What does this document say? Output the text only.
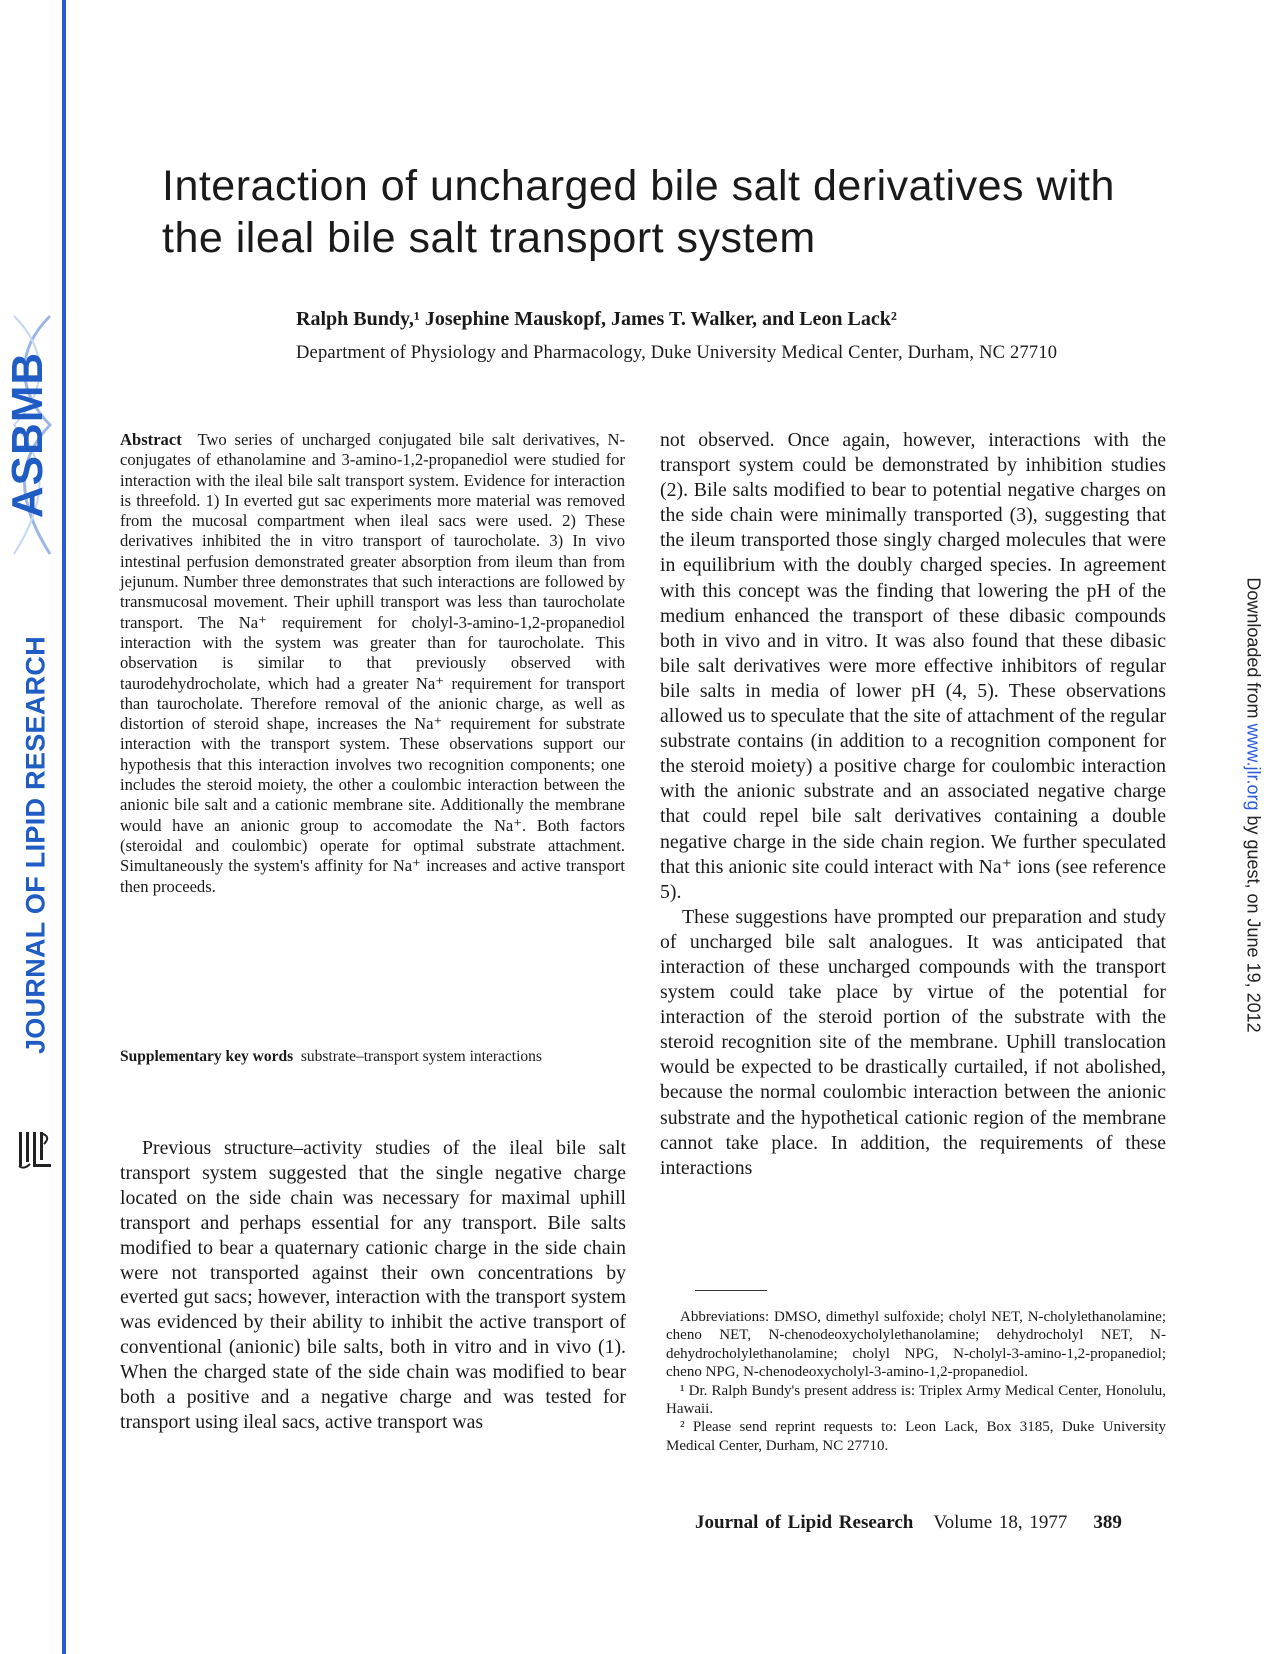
ASBMB
JOURNAL OF LIPID RESEARCH	Downloaded from www.jlr.org by guest, on June 19, 2012
Interaction of uncharged bile salt derivatives with the ileal bile salt transport system
Ralph Bundy,¹ Josephine Mauskopf, James T. Walker, and Leon Lack²
Department of Physiology and Pharmacology, Duke University Medical Center, Durham, NC 27710

Abstract Two series of uncharged conjugated bile salt derivatives, N-conjugates of ethanolamine and 3-amino-1,2-propanediol were studied for interaction with the ileal bile salt transport system. Evidence for interaction is threefold. 1) In everted gut sac experiments more material was removed from the mucosal compartment when ileal sacs were used. 2) These derivatives inhibited the in vitro transport of taurocholate. 3) In vivo intestinal perfusion demonstrated greater absorption from ileum than from jejunum. Number three demonstrates that such interactions are followed by transmucosal movement. Their uphill transport was less than taurocholate transport. The Na⁺ requirement for cholyl-3-amino-1,2-propanediol interaction with the system was greater than for taurocholate. This observation is similar to that previously observed with taurodehydrocholate, which had a greater Na⁺ requirement for transport than taurocholate. Therefore removal of the anionic charge, as well as distortion of steroid shape, increases the Na⁺ requirement for substrate interaction with the transport system. These observations support our hypothesis that this interaction involves two recognition components; one includes the steroid moiety, the other a coulombic interaction between the anionic bile salt and a cationic membrane site. Additionally the membrane would have an anionic group to accomodate the Na⁺. Both factors (steroidal and coulombic) operate for optimal substrate attachment. Simultaneously the system's affinity for Na⁺ increases and active transport then proceeds.

Supplementary key words substrate–transport system interactions

Previous structure–activity studies of the ileal bile salt transport system suggested that the single negative charge located on the side chain was necessary for maximal uphill transport and perhaps essential for any transport. Bile salts modified to bear a quaternary cationic charge in the side chain were not transported against their own concentrations by everted gut sacs; however, interaction with the transport system was evidenced by their ability to inhibit the active transport of conventional (anionic) bile salts, both in vitro and in vivo (1). When the charged state of the side chain was modified to bear both a positive and a negative charge and was tested for transport using ileal sacs, active transport was

not observed. Once again, however, interactions with the transport system could be demonstrated by inhibition studies (2). Bile salts modified to bear to potential negative charges on the side chain were minimally transported (3), suggesting that the ileum transported those singly charged molecules that were in equilibrium with the doubly charged species. In agreement with this concept was the finding that lowering the pH of the medium enhanced the transport of these dibasic compounds both in vivo and in vitro. It was also found that these dibasic bile salt derivatives were more effective inhibitors of regular bile salts in media of lower pH (4, 5). These observations allowed us to speculate that the site of attachment of the regular substrate contains (in addition to a recognition component for the steroid moiety) a positive charge for coulombic interaction with the anionic substrate and an associated negative charge that could repel bile salt derivatives containing a double negative charge in the side chain region. We further speculated that this anionic site could interact with Na⁺ ions (see reference 5).

These suggestions have prompted our preparation and study of uncharged bile salt analogues. It was anticipated that interaction of these uncharged compounds with the transport system could take place by virtue of the potential for interaction of the steroid portion of the substrate with the steroid recognition site of the membrane. Uphill translocation would be expected to be drastically curtailed, if not abolished, because the normal coulombic interaction between the anionic substrate and the hypothetical cationic region of the membrane cannot take place. In addition, the requirements of these interactions

Abbreviations: DMSO, dimethyl sulfoxide; cholyl NET, N-cholylethanolamine; cheno NET, N-chenodeoxycholylethanolamine; dehydrocholyl NET, N-dehydrocholylethanolamine; cholyl NPG, N-cholyl-3-amino-1,2-propanediol; cheno NPG, N-chenodeoxycholyl-3-amino-1,2-propanediol.

¹ Dr. Ralph Bundy's present address is: Triplex Army Medical Center, Honolulu, Hawaii.

² Please send reprint requests to: Leon Lack, Box 3185, Duke University Medical Center, Durham, NC 27710.

Journal of Lipid Research Volume 18, 1977 389
